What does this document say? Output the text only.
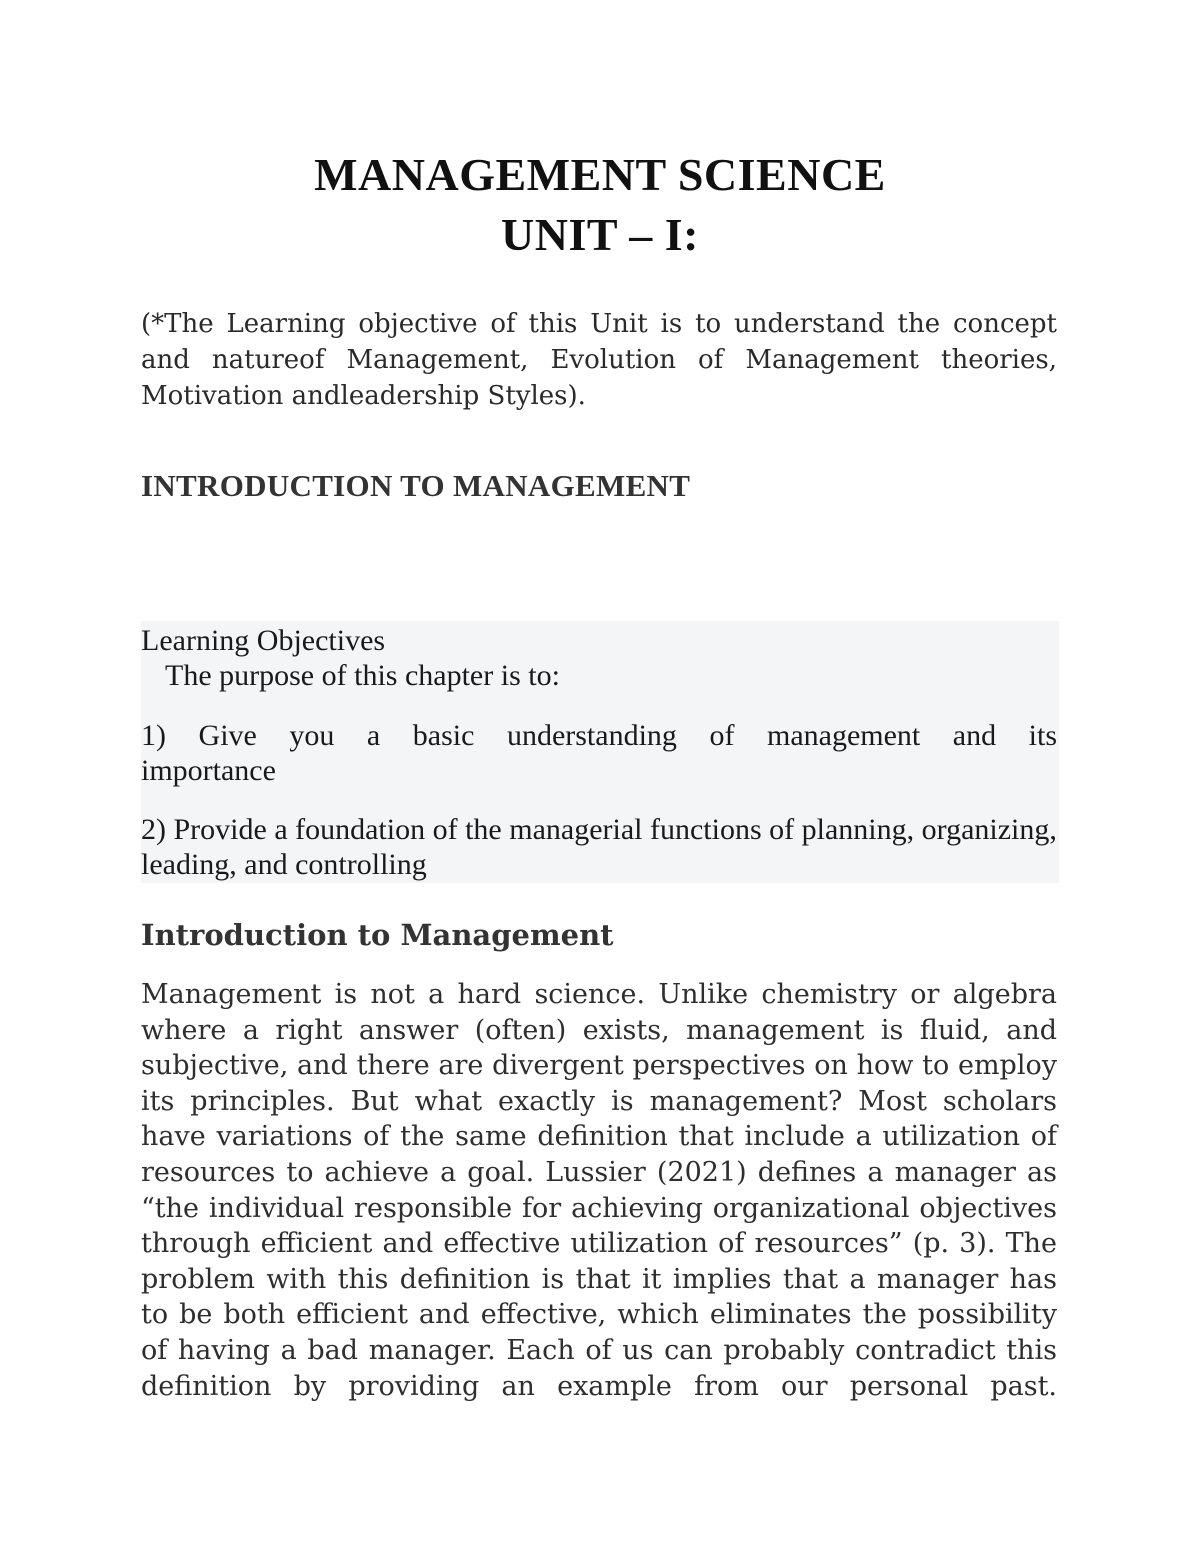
MANAGEMENT SCIENCE
UNIT – I:
(*The Learning objective of this Unit is to understand the concept and natureof Management, Evolution of Management theories, Motivation andleadership Styles).
INTRODUCTION TO MANAGEMENT
Learning Objectives
The purpose of this chapter is to:
1) Give you a basic understanding of management and its
importance
2) Provide a foundation of the managerial functions of planning, organizing, leading, and controlling
Introduction to Management
Management is not a hard science. Unlike chemistry or algebra where a right answer (often) exists, management is fluid, and subjective, and there are divergent perspectives on how to employ its principles. But what exactly is management? Most scholars have variations of the same definition that include a utilization of resources to achieve a goal. Lussier (2021) defines a manager as “the individual responsible for achieving organizational objectives through efficient and effective utilization of resources” (p. 3). The problem with this definition is that it implies that a manager has to be both efficient and effective, which eliminates the possibility of having a bad manager. Each of us can probably contradict this definition by providing an example from our personal past.
